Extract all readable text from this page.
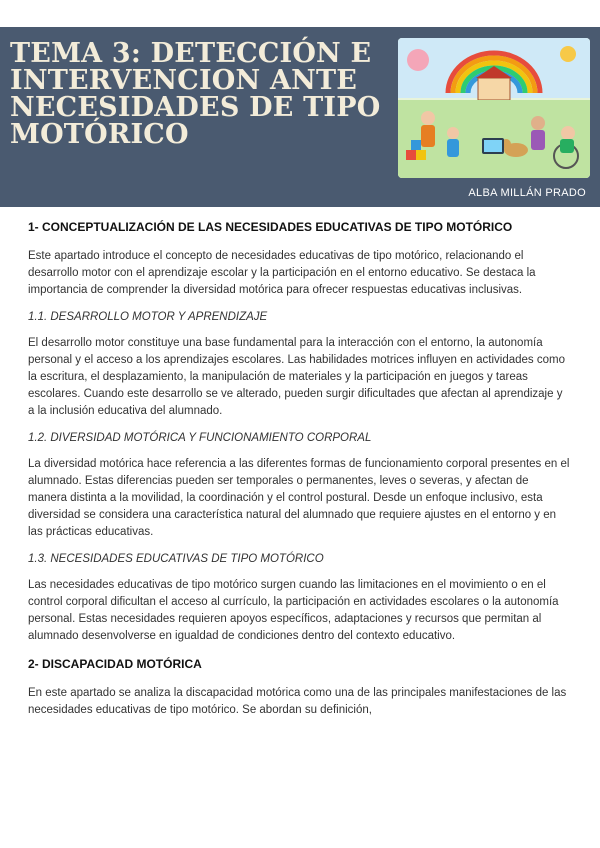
TEMA 3: DETECCIÓN E INTERVENCION ANTE NECESIDADES DE TIPO MOTÓRICO
ALBA MILLÁN PRADO

1- CONCEPTUALIZACIÓN DE LAS NECESIDADES EDUCATIVAS DE TIPO MOTÓRICO

Este apartado introduce el concepto de necesidades educativas de tipo motórico, relacionando el desarrollo motor con el aprendizaje escolar y la participación en el entorno educativo. Se destaca la importancia de comprender la diversidad motórica para ofrecer respuestas educativas inclusivas.

1.1. DESARROLLO MOTOR Y APRENDIZAJE

El desarrollo motor constituye una base fundamental para la interacción con el entorno, la autonomía personal y el acceso a los aprendizajes escolares. Las habilidades motrices influyen en actividades como la escritura, el desplazamiento, la manipulación de materiales y la participación en juegos y tareas escolares. Cuando este desarrollo se ve alterado, pueden surgir dificultades que afectan al aprendizaje y a la inclusión educativa del alumnado.

1.2. DIVERSIDAD MOTÓRICA Y FUNCIONAMIENTO CORPORAL

La diversidad motórica hace referencia a las diferentes formas de funcionamiento corporal presentes en el alumnado. Estas diferencias pueden ser temporales o permanentes, leves o severas, y afectan de manera distinta a la movilidad, la coordinación y el control postural. Desde un enfoque inclusivo, esta diversidad se considera una característica natural del alumnado que requiere ajustes en el entorno y en las prácticas educativas.

1.3. NECESIDADES EDUCATIVAS DE TIPO MOTÓRICO

Las necesidades educativas de tipo motórico surgen cuando las limitaciones en el movimiento o en el control corporal dificultan el acceso al currículo, la participación en actividades escolares o la autonomía personal. Estas necesidades requieren apoyos específicos, adaptaciones y recursos que permitan al alumnado desenvolverse en igualdad de condiciones dentro del contexto educativo.

2- DISCAPACIDAD MOTÓRICA

En este apartado se analiza la discapacidad motórica como una de las principales manifestaciones de las necesidades educativas de tipo motórico. Se abordan su definición,
